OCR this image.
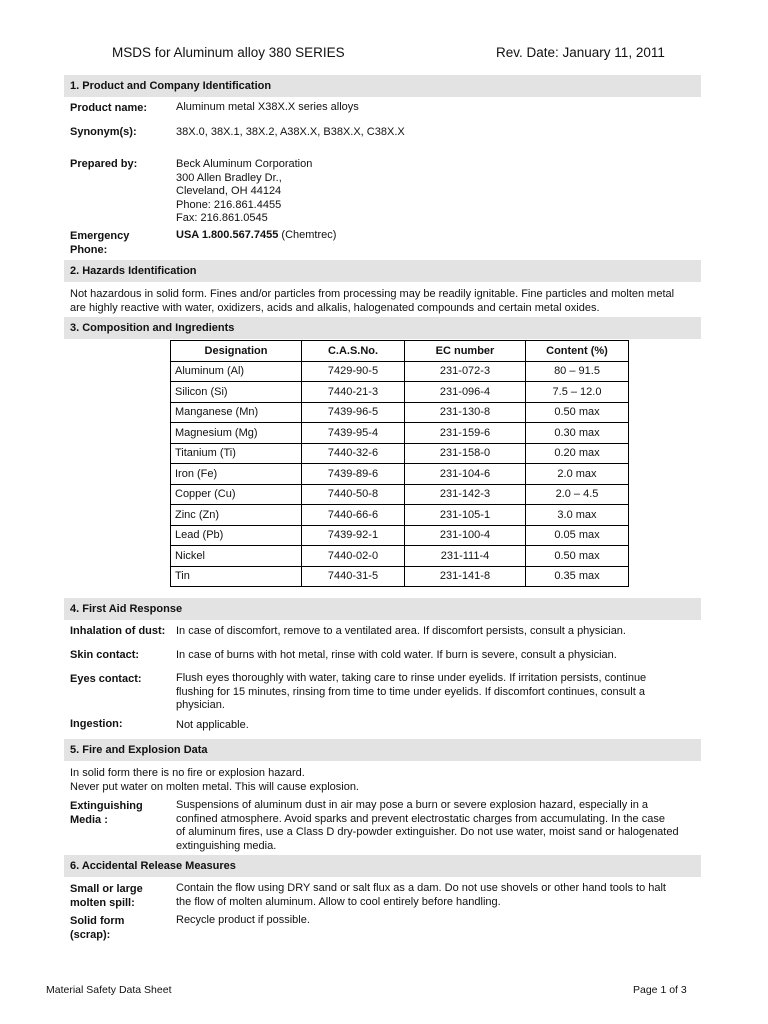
MSDS for Aluminum alloy 380 SERIES	Rev. Date: January 11, 2011
1. Product and Company Identification
Product name:	Aluminum metal X38X.X series alloys
Synonym(s):	38X.0, 38X.1, 38X.2, A38X.X, B38X.X, C38X.X
Prepared by:	Beck Aluminum Corporation
300 Allen Bradley Dr.,
Cleveland, OH 44124
Phone: 216.861.4455
Fax: 216.861.0545
Emergency
Phone:
USA 1.800.567.7455 (Chemtrec)
2. Hazards Identification
Not hazardous in solid form. Fines and/or particles from processing may be readily ignitable. Fine particles and molten metal
are highly reactive with water, oxidizers, acids and alkalis, halogenated compounds and certain metal oxides.
3. Composition and Ingredients
Designation	C.A.S.No.	EC number	Content (%)
Aluminum (Al)	7429-90-5	231-072-3	80 – 91.5
Silicon (Si)	7440-21-3	231-096-4	7.5 – 12.0
Manganese (Mn)	7439-96-5	231-130-8	0.50 max
Magnesium (Mg)	7439-95-4	231-159-6	0.30 max
Titanium (Ti)	7440-32-6	231-158-0	0.20 max
Iron (Fe)	7439-89-6	231-104-6	2.0 max
Copper (Cu)	7440-50-8	231-142-3	2.0 – 4.5
Zinc (Zn)	7440-66-6	231-105-1	3.0 max
Lead (Pb)	7439-92-1	231-100-4	0.05 max
Nickel	7440-02-0	231-111-4	0.50 max
Tin	7440-31-5	231-141-8	0.35 max
4. First Aid Response
Inhalation of dust: In case of discomfort, remove to a ventilated area. If discomfort persists, consult a physician.
Skin contact:	In case of burns with hot metal, rinse with cold water. If burn is severe, consult a physician.
Eyes contact:	Flush eyes thoroughly with water, taking care to rinse under eyelids. If irritation persists, continue
flushing for 15 minutes, rinsing from time to time under eyelids. If discomfort continues, consult a
physician.
Ingestion:	Not applicable.
5. Fire and Explosion Data
In solid form there is no fire or explosion hazard.
Never put water on molten metal. This will cause explosion.
Extinguishing
Media :
Suspensions of aluminum dust in air may pose a burn or severe explosion hazard, especially in a
confined atmosphere. Avoid sparks and prevent electrostatic charges from accumulating. In the case
of aluminum fires, use a Class D dry-powder extinguisher. Do not use water, moist sand or halogenated
extinguishing media.
6. Accidental Release Measures
Small or large
molten spill:
Contain the flow using DRY sand or salt flux as a dam. Do not use shovels or other hand tools to halt
the flow of molten aluminum. Allow to cool entirely before handling.
Solid form
(scrap):
Recycle product if possible.
Material Safety Data Sheet	Page 1 of 3
